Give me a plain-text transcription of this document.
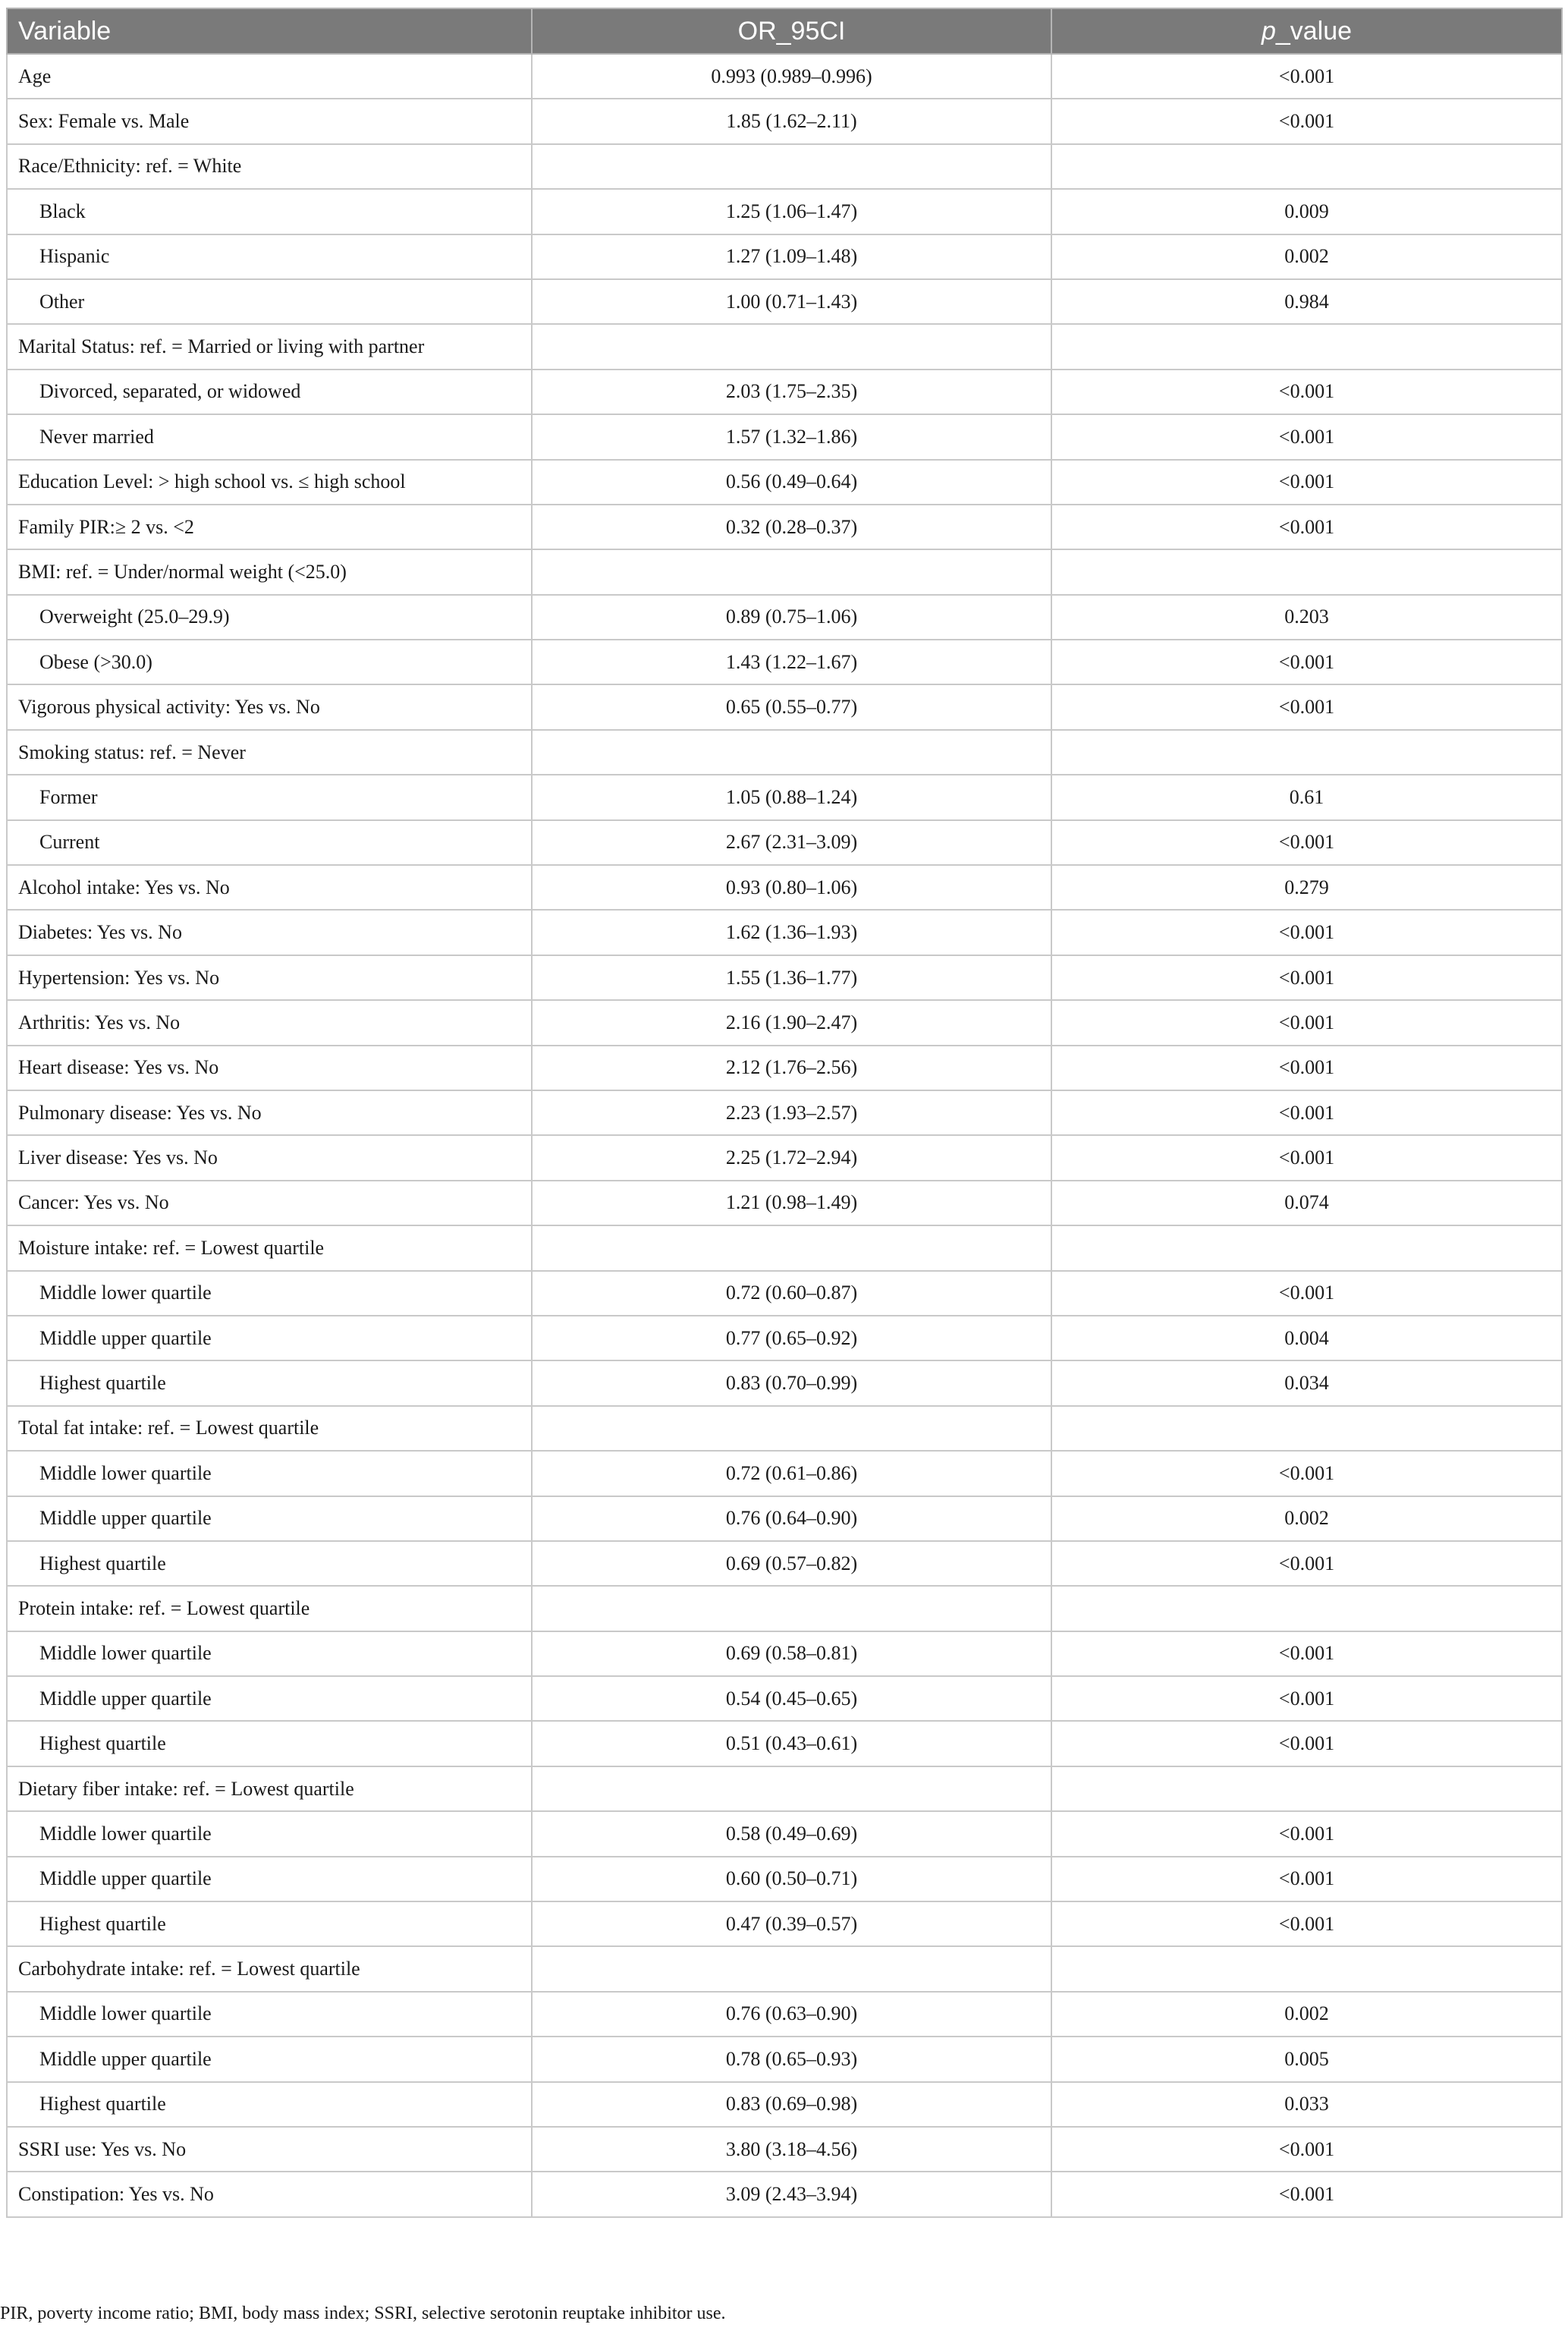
Variable	OR_95CI	p_value
Age	0.993 (0.989–0.996)	<0.001
Sex: Female vs. Male	1.85 (1.62–2.11)	<0.001
Race/Ethnicity: ref. = White		
Black	1.25 (1.06–1.47)	0.009
Hispanic	1.27 (1.09–1.48)	0.002
Other	1.00 (0.71–1.43)	0.984
Marital Status: ref. = Married or living with partner		
Divorced, separated, or widowed	2.03 (1.75–2.35)	<0.001
Never married	1.57 (1.32–1.86)	<0.001
Education Level: > high school vs. ≤ high school	0.56 (0.49–0.64)	<0.001
Family PIR:≥ 2 vs. <2	0.32 (0.28–0.37)	<0.001
BMI: ref. = Under/normal weight (<25.0)		
Overweight (25.0–29.9)	0.89 (0.75–1.06)	0.203
Obese (>30.0)	1.43 (1.22–1.67)	<0.001
Vigorous physical activity: Yes vs. No	0.65 (0.55–0.77)	<0.001
Smoking status: ref. = Never		
Former	1.05 (0.88–1.24)	0.61
Current	2.67 (2.31–3.09)	<0.001
Alcohol intake: Yes vs. No	0.93 (0.80–1.06)	0.279
Diabetes: Yes vs. No	1.62 (1.36–1.93)	<0.001
Hypertension: Yes vs. No	1.55 (1.36–1.77)	<0.001
Arthritis: Yes vs. No	2.16 (1.90–2.47)	<0.001
Heart disease: Yes vs. No	2.12 (1.76–2.56)	<0.001
Pulmonary disease: Yes vs. No	2.23 (1.93–2.57)	<0.001
Liver disease: Yes vs. No	2.25 (1.72–2.94)	<0.001
Cancer: Yes vs. No	1.21 (0.98–1.49)	0.074
Moisture intake: ref. = Lowest quartile		
Middle lower quartile	0.72 (0.60–0.87)	<0.001
Middle upper quartile	0.77 (0.65–0.92)	0.004
Highest quartile	0.83 (0.70–0.99)	0.034
Total fat intake: ref. = Lowest quartile		
Middle lower quartile	0.72 (0.61–0.86)	<0.001
Middle upper quartile	0.76 (0.64–0.90)	0.002
Highest quartile	0.69 (0.57–0.82)	<0.001
Protein intake: ref. = Lowest quartile		
Middle lower quartile	0.69 (0.58–0.81)	<0.001
Middle upper quartile	0.54 (0.45–0.65)	<0.001
Highest quartile	0.51 (0.43–0.61)	<0.001
Dietary fiber intake: ref. = Lowest quartile		
Middle lower quartile	0.58 (0.49–0.69)	<0.001
Middle upper quartile	0.60 (0.50–0.71)	<0.001
Highest quartile	0.47 (0.39–0.57)	<0.001
Carbohydrate intake: ref. = Lowest quartile		
Middle lower quartile	0.76 (0.63–0.90)	0.002
Middle upper quartile	0.78 (0.65–0.93)	0.005
Highest quartile	0.83 (0.69–0.98)	0.033
SSRI use: Yes vs. No	3.80 (3.18–4.56)	<0.001
Constipation: Yes vs. No	3.09 (2.43–3.94)	<0.001
PIR, poverty income ratio; BMI, body mass index; SSRI, selective serotonin reuptake inhibitor use.
